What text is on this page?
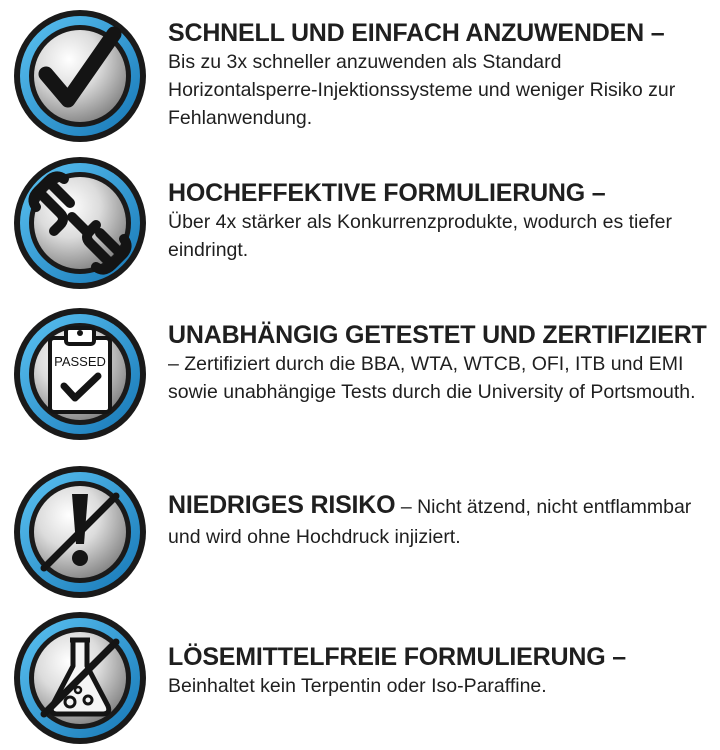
SCHNELL UND EINFACH ANZUWENDEN –
Bis zu 3x schneller anzuwenden als Standard Horizontalsperre-Injektionssysteme und weniger Risiko zur Fehlanwendung.
HOCHEFFEKTIVE FORMULIERUNG –
Über 4x stärker als Konkurrenzprodukte, wodurch es tiefer eindringt.
PASSED
UNABHÄNGIG GETESTET UND ZERTIFIZIERT
– Zertifiziert durch die BBA, WTA, WTCB, OFI, ITB und EMI sowie unabhängige Tests durch die University of Portsmouth.
NIEDRIGES RISIKO – Nicht ätzend, nicht entflammbar und wird ohne Hochdruck injiziert.
LÖSEMITTELFREIE FORMULIERUNG –
Beinhaltet kein Terpentin oder Iso-Paraffine.
